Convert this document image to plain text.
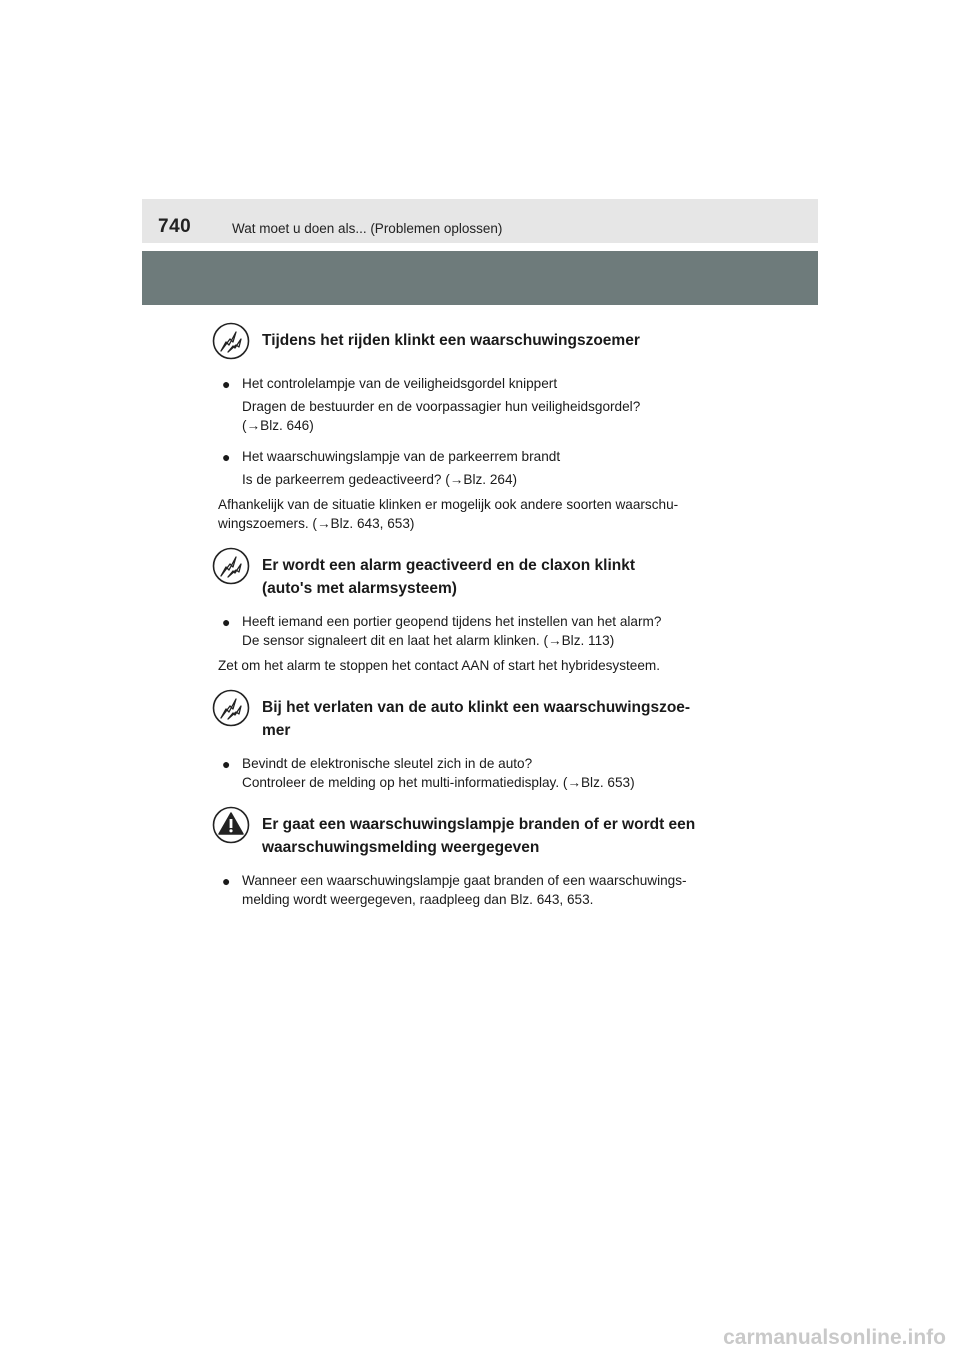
740	Wat moet u doen als... (Problemen oplossen)
Tijdens het rijden klinkt een waarschuwingszoemer
● Het controlelampje van de veiligheidsgordel knippert
Dragen de bestuurder en de voorpassagier hun veiligheidsgordel?
(→Blz. 646)
● Het waarschuwingslampje van de parkeerrem brandt
Is de parkeerrem gedeactiveerd? (→Blz. 264)
Afhankelijk van de situatie klinken er mogelijk ook andere soorten waarschu-
wingszoemers. (→Blz. 643, 653)
Er wordt een alarm geactiveerd en de claxon klinkt
(auto's met alarmsysteem)
● Heeft iemand een portier geopend tijdens het instellen van het alarm?
De sensor signaleert dit en laat het alarm klinken. (→Blz. 113)
Zet om het alarm te stoppen het contact AAN of start het hybridesysteem.
Bij het verlaten van de auto klinkt een waarschuwingszoe-
mer
● Bevindt de elektronische sleutel zich in de auto?
Controleer de melding op het multi-informatiedisplay. (→Blz. 653)
Er gaat een waarschuwingslampje branden of er wordt een
waarschuwingsmelding weergegeven
● Wanneer een waarschuwingslampje gaat branden of een waarschuwings-
melding wordt weergegeven, raadpleeg dan Blz. 643, 653.
carmanualsonline.info
